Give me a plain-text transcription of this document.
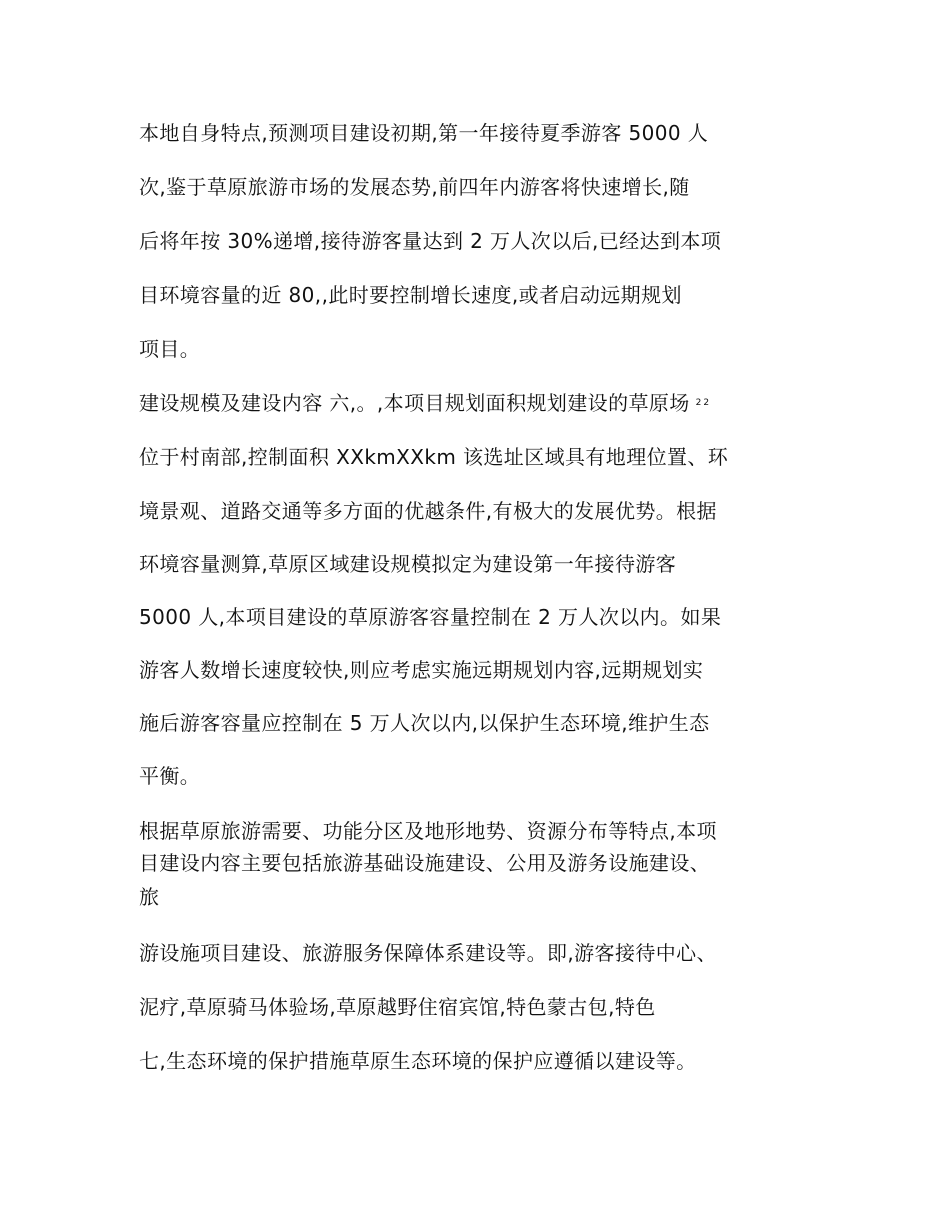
本地自身特点,预测项目建设初期,第一年接待夏季游客 5000 人

次,鉴于草原旅游市场的发展态势,前四年内游客将快速增长,随

后将年按 30%递增,接待游客量达到 2 万人次以后,已经达到本项

目环境容量的近 80,,此时要控制增长速度,或者启动远期规划

项目。

建设规模及建设内容 六,。,本项目规划面积规划建设的草原场 $^{22}$

位于村南部,控制面积 XXkmXXkm 该选址区域具有地理位置、环

境景观、道路交通等多方面的优越条件,有极大的发展优势。根据

环境容量测算,草原区域建设规模拟定为建设第一年接待游客

5000 人,本项目建设的草原游客容量控制在 2 万人次以内。如果

游客人数增长速度较快,则应考虑实施远期规划内容,远期规划实

施后游客容量应控制在 5 万人次以内,以保护生态环境,维护生态

平衡。

根据草原旅游需要、功能分区及地形地势、资源分布等特点,本项

目建设内容主要包括旅游基础设施建设、公用及游务设施建设、

旅

游设施项目建设、旅游服务保障体系建设等。即,游客接待中心、

泥疗,草原骑马体验场,草原越野住宿宾馆,特色蒙古包,特色

七,生态环境的保护措施草原生态环境的保护应遵循以建设等。
